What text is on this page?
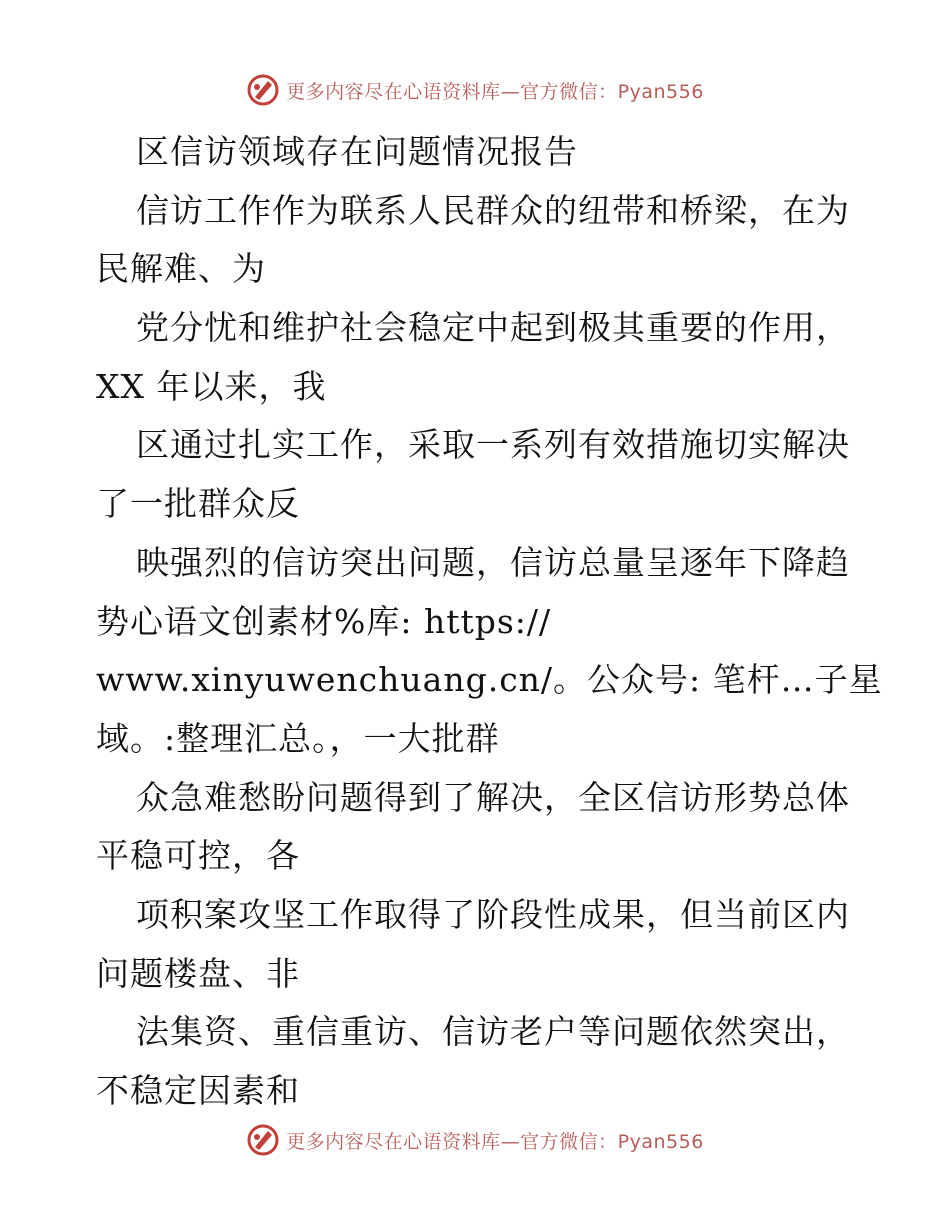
更多内容尽在心语资料库—官方微信：Pyan556
区信访领域存在问题情况报告
信访工作作为联系人民群众的纽带和桥梁，在为
民解难、为
党分忧和维护社会稳定中起到极其重要的作用，
XX 年以来，我
区通过扎实工作，采取一系列有效措施切实解决
了一批群众反
映强烈的信访突出问题，信访总量呈逐年下降趋
势心语文创素材%库: https://
www.xinyuwenchuang.cn/。公众号: 笔杆…子星
域。:整理汇总。，一大批群
众急难愁盼问题得到了解决，全区信访形势总体
平稳可控，各
项积案攻坚工作取得了阶段性成果，但当前区内
问题楼盘、非
法集资、重信重访、信访老户等问题依然突出，
不稳定因素和
更多内容尽在心语资料库—官方微信：Pyan556
